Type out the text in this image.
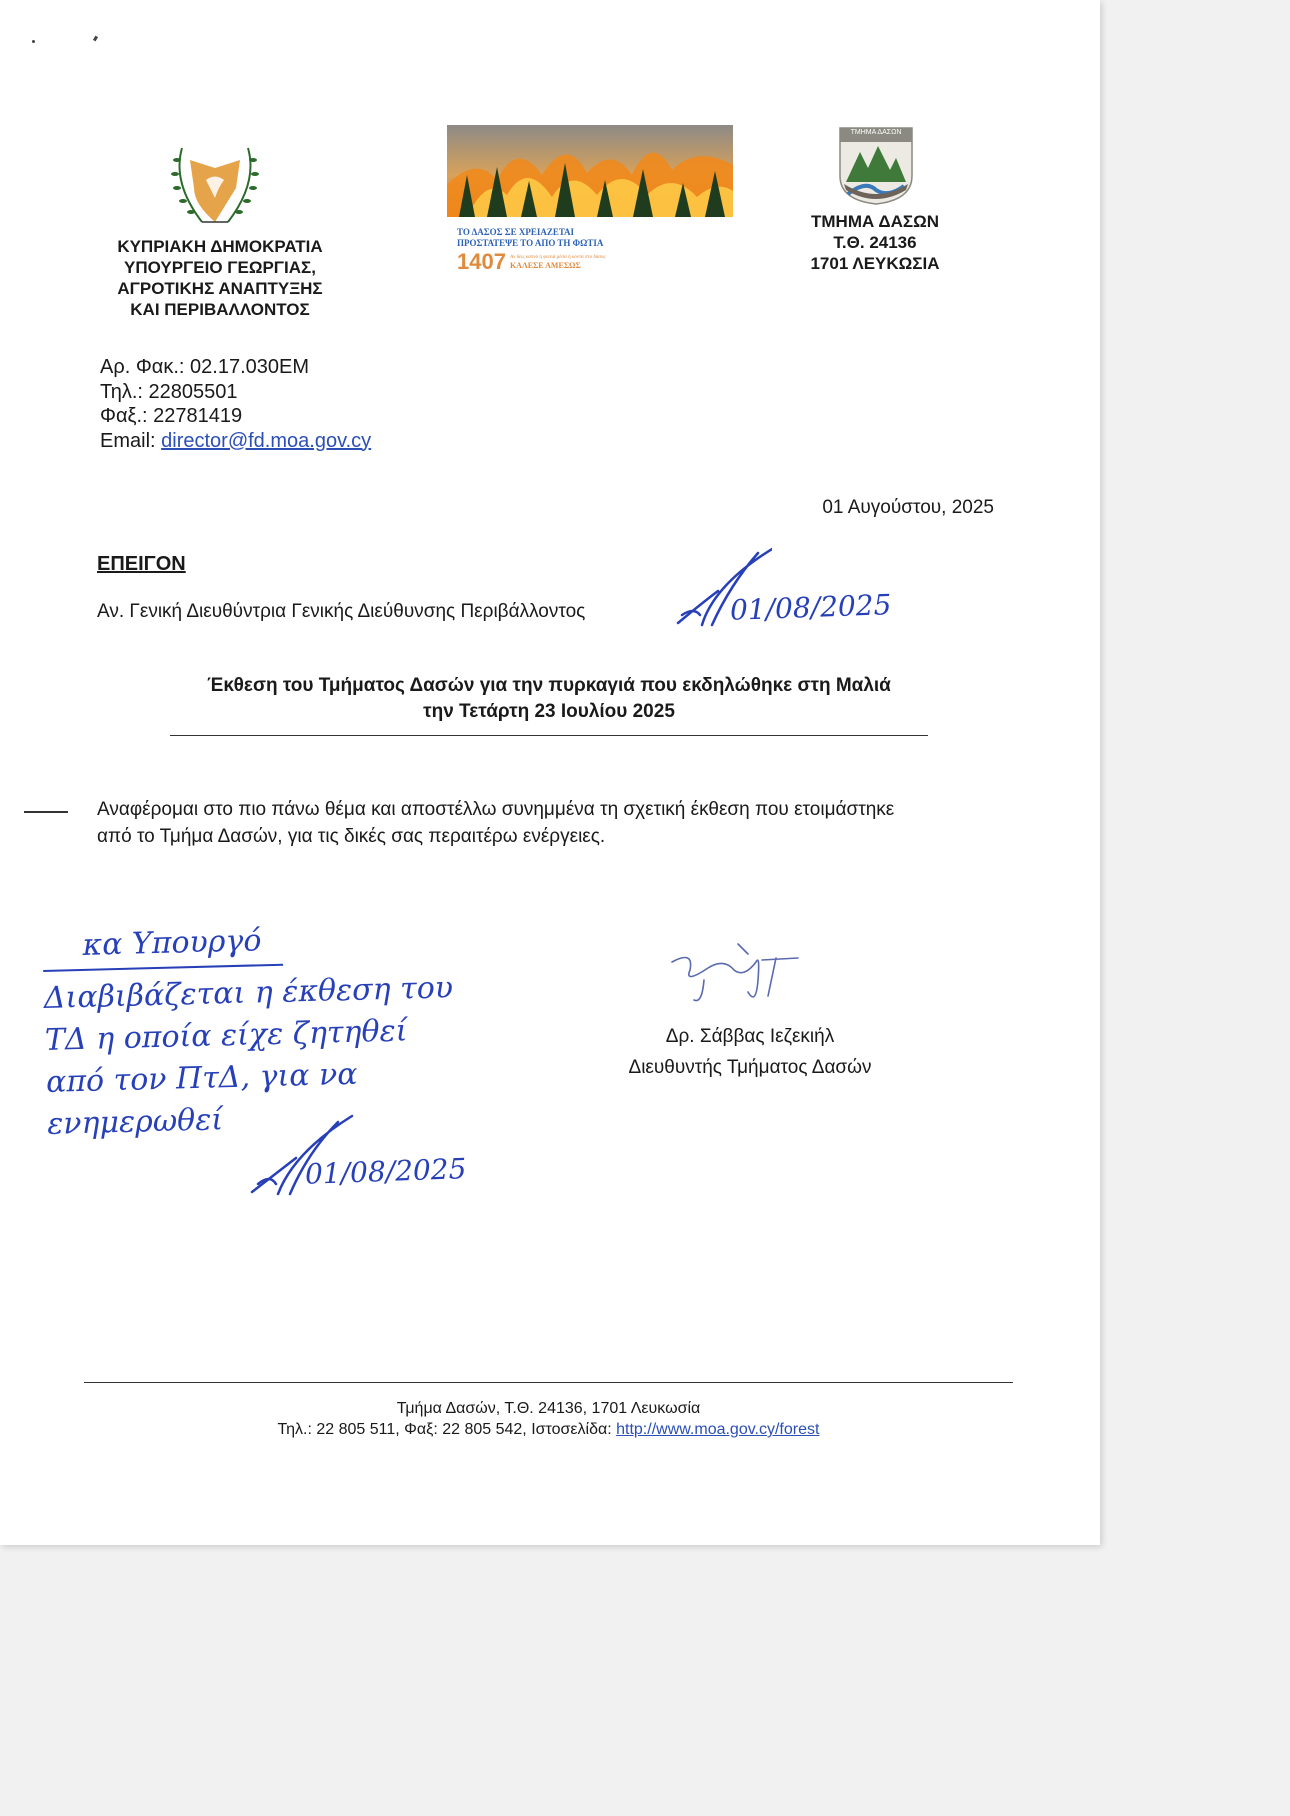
ΚΥΠΡΙΑΚΗ ΔΗΜΟΚΡΑΤΙΑ
ΥΠΟΥΡΓΕΙΟ ΓΕΩΡΓΙΑΣ,
ΑΓΡΟΤΙΚΗΣ ΑΝΑΠΤΥΞΗΣ
ΚΑΙ ΠΕΡΙΒΑΛΛΟΝΤΟΣ
ΤΟ ΔΑΣΟΣ ΣΕ ΧΡΕΙΑΖΕΤΑΙ
ΠΡΟΣΤΑΤΕΨΕ ΤΟ ΑΠΟ ΤΗ ΦΩΤΙΑ
1407 Αν δεις καπνό ή φωτιά μέσα ή κοντά στο δάσος
ΚΑΛΕΣΕ ΑΜΕΣΩΣ
ΤΜΗΜΑ ΔΑΣΩΝ
ΤΜΗΜΑ ΔΑΣΩΝ
Τ.Θ. 24136
1701 ΛΕΥΚΩΣΙΑ
Αρ. Φακ.: 02.17.030ΕΜ
Τηλ.: 22805501
Φαξ.: 22781419
Email: director@fd.moa.gov.cy
01 Αυγούστου, 2025
ΕΠΕΙΓΟΝ
Αν. Γενική Διευθύντρια Γενικής Διεύθυνσης Περιβάλλοντος	01/08/2025
Έκθεση του Τμήματος Δασών για την πυρκαγιά που εκδηλώθηκε στη Μαλιά
την Τετάρτη 23 Ιουλίου 2025
Αναφέρομαι στο πιο πάνω θέμα και αποστέλλω συνημμένα τη σχετική έκθεση που ετοιμάστηκε
από το Τμήμα Δασών, για τις δικές σας περαιτέρω ενέργειες.
κα Υπουργό
Διαβιβάζεται η έκθεση του
ΤΔ η οποία είχε ζητηθεί
από τον ΠτΔ, για να
ενημερωθεί
01/08/2025
Δρ. Σάββας Ιεζεκιήλ
Διευθυντής Τμήματος Δασών
Τμήμα Δασών, Τ.Θ. 24136, 1701 Λευκωσία
Τηλ.: 22 805 511, Φαξ: 22 805 542, Ιστοσελίδα: http://www.moa.gov.cy/forest
